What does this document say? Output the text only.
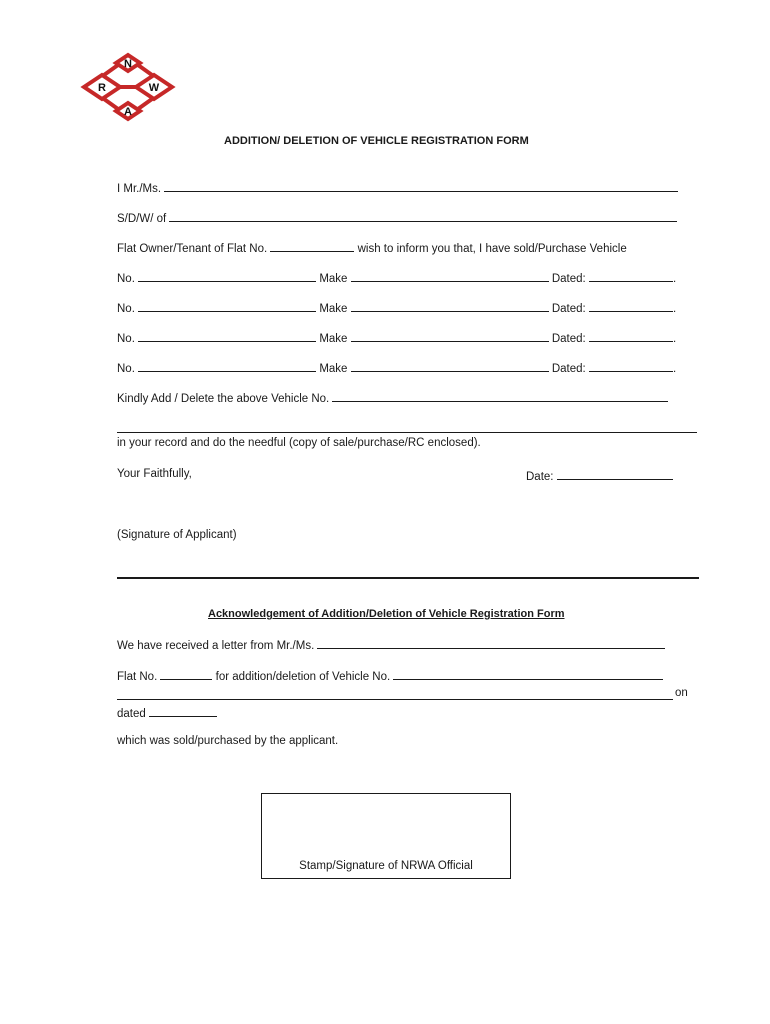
N
R	W
A
ADDITION/ DELETION OF VEHICLE REGISTRATION FORM
I Mr./Ms.
S/D/W/ of
Flat Owner/Tenant of Flat No.	wish to inform you that, I have sold/Purchase Vehicle
No.	Make	Dated:	.
No.	Make	Dated:	.
No.	Make	Dated:	.
No.	Make	Dated:	.
Kindly Add / Delete the above Vehicle No.
in your record and do the needful (copy of sale/purchase/RC enclosed).
Your Faithfully,	Date:
(Signature of Applicant)
Acknowledgement of Addition/Deletion of Vehicle Registration Form
We have received a letter from Mr./Ms.
Flat No.	for addition/deletion of Vehicle No.
on
dated
which was sold/purchased by the applicant.
Stamp/Signature of NRWA Official
